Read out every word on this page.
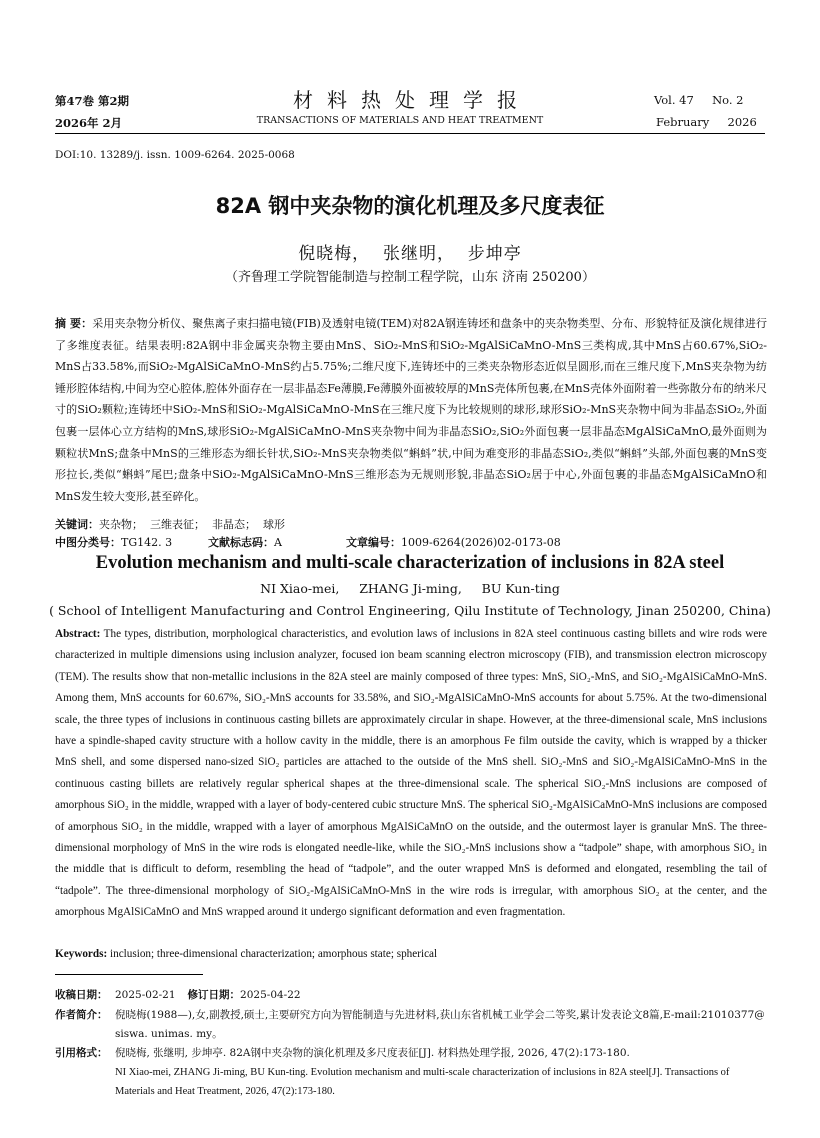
第47卷 第2期
2026年 2月
材料热处理学报
TRANSACTIONS OF MATERIALS AND HEAT TREATMENT
Vol. 47     No. 2
February     2026
DOI:10. 13289/j. issn. 1009-6264. 2025-0068
82A 钢中夹杂物的演化机理及多尺度表征
倪晓梅，  张继明，  步坤亭
（齐鲁理工学院智能制造与控制工程学院，山东 济南 250200）
摘 要：采用夹杂物分析仪、聚焦离子束扫描电镜(FIB)及透射电镜(TEM)对82A钢连铸坯和盘条中的夹杂物类型、分布、形貌特征及演化规律进行了多维度表征。结果表明:82A钢中非金属夹杂物主要由MnS、SiO₂-MnS和SiO₂-MgAlSiCaMnO-MnS三类构成,其中MnS占60.67%,SiO₂-MnS占33.58%,而SiO₂-MgAlSiCaMnO-MnS约占5.75%;二维尺度下,连铸坯中的三类夹杂物形态近似呈圆形,而在三维尺度下,MnS夹杂物为纺锤形腔体结构,中间为空心腔体,腔体外面存在一层非晶态Fe薄膜,Fe薄膜外面被较厚的MnS壳体所包裹,在MnS壳体外面附着一些弥散分布的纳米尺寸的SiO₂颗粒;连铸坯中SiO₂-MnS和SiO₂-MgAlSiCaMnO-MnS在三维尺度下为比较规则的球形,球形SiO₂-MnS夹杂物中间为非晶态SiO₂,外面包裹一层体心立方结构的MnS,球形SiO₂-MgAlSiCaMnO-MnS夹杂物中间为非晶态SiO₂,SiO₂外面包裹一层非晶态MgAlSiCaMnO,最外面则为颗粒状MnS;盘条中MnS的三维形态为细长针状,SiO₂-MnS夹杂物类似“蝌蚪”状,中间为难变形的非晶态SiO₂,类似“蝌蚪”头部,外面包裹的MnS变形拉长,类似“蝌蚪”尾巴;盘条中SiO₂-MgAlSiCaMnO-MnS三维形态为无规则形貌,非晶态SiO₂居于中心,外面包裹的非晶态MgAlSiCaMnO和MnS发生较大变形,甚至碎化。
关键词：夹杂物；  三维表征；  非晶态；  球形
中图分类号：TG142. 3	文献标志码：A	文章编号：1009-6264(2026)02-0173-08
Evolution mechanism and multi-scale characterization of inclusions in 82A steel
NI Xiao-mei,     ZHANG Ji-ming,     BU Kun-ting
( School of Intelligent Manufacturing and Control Engineering, Qilu Institute of Technology, Jinan 250200, China)
Abstract: The types, distribution, morphological characteristics, and evolution laws of inclusions in 82A steel continuous casting billets and wire rods were characterized in multiple dimensions using inclusion analyzer, focused ion beam scanning electron microscopy (FIB), and transmission electron microscopy (TEM). The results show that non-metallic inclusions in the 82A steel are mainly composed of three types: MnS, SiO₂-MnS, and SiO₂-MgAlSiCaMnO-MnS. Among them, MnS accounts for 60.67%, SiO₂-MnS accounts for 33.58%, and SiO₂-MgAlSiCaMnO-MnS accounts for about 5.75%. At the two-dimensional scale, the three types of inclusions in continuous casting billets are approximately circular in shape. However, at the three-dimensional scale, MnS inclusions have a spindle-shaped cavity structure with a hollow cavity in the middle, there is an amorphous Fe film outside the cavity, which is wrapped by a thicker MnS shell, and some dispersed nano-sized SiO₂ particles are attached to the outside of the MnS shell. SiO₂-MnS and SiO₂-MgAlSiCaMnO-MnS in the continuous casting billets are relatively regular spherical shapes at the three-dimensional scale. The spherical SiO₂-MnS inclusions are composed of amorphous SiO₂ in the middle, wrapped with a layer of body-centered cubic structure MnS. The spherical SiO₂-MgAlSiCaMnO-MnS inclusions are composed of amorphous SiO₂ in the middle, wrapped with a layer of amorphous MgAlSiCaMnO on the outside, and the outermost layer is granular MnS. The three-dimensional morphology of MnS in the wire rods is elongated needle-like, while the SiO₂-MnS inclusions show a “tadpole” shape, with amorphous SiO₂ in the middle that is difficult to deform, resembling the head of “tadpole”, and the outer wrapped MnS is deformed and elongated, resembling the tail of “tadpole”. The three-dimensional morphology of SiO₂-MgAlSiCaMnO-MnS in the wire rods is irregular, with amorphous SiO₂ at the center, and the amorphous MgAlSiCaMnO and MnS wrapped around it undergo significant deformation and even fragmentation.
Keywords: inclusion; three-dimensional characterization; amorphous state; spherical
收稿日期： 2025-02-21 修订日期： 2025-04-22
作者简介： 倪晓梅(1988—),女,副教授,硕士,主要研究方向为智能制造与先进材料,获山东省机械工业学会二等奖,累计发表论文8篇,E-mail:21010377@ siswa. unimas. my。
引用格式： 倪晓梅, 张继明, 步坤亭. 82A钢中夹杂物的演化机理及多尺度表征[J]. 材料热处理学报, 2026, 47(2):173-180.
NI Xiao-mei, ZHANG Ji-ming, BU Kun-ting. Evolution mechanism and multi-scale characterization of inclusions in 82A steel[J]. Transactions of Materials and Heat Treatment, 2026, 47(2):173-180.
